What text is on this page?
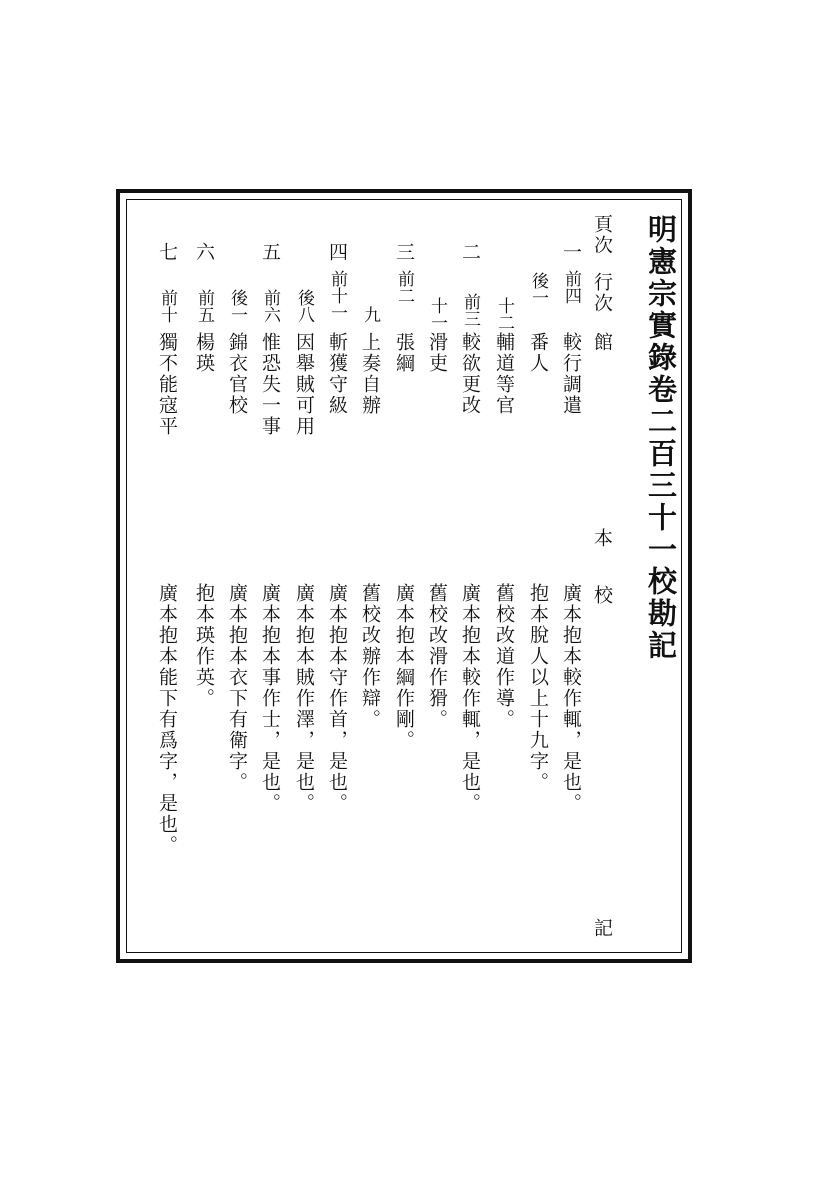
明憲宗實錄卷二百三十一校勘記
頁次
行次
館
本
校
記
一
前四
較行調遣
廣本抱本較作輒，是也。
後一
番人
抱本脫人以上十九字。
十二
輔道等官
舊校改道作導。
二
前三
較欲更改
廣本抱本較作輒，是也。
十一
滑吏
舊校改滑作猾。
三
前二
張綱
廣本抱本綱作剛。
九
上奏自辦
舊校改辦作辯。
四
前十一
斬獲守級
廣本抱本守作首，是也。
後八
因舉賊可用
廣本抱本賊作澤，是也。
五
前六
惟恐失一事
廣本抱本事作士，是也。
後一
錦衣官校
廣本抱本衣下有衛字。
六
前五
楊瑛
抱本瑛作英。
七
前十
獨不能寇平
廣本抱本能下有爲字，是也。
